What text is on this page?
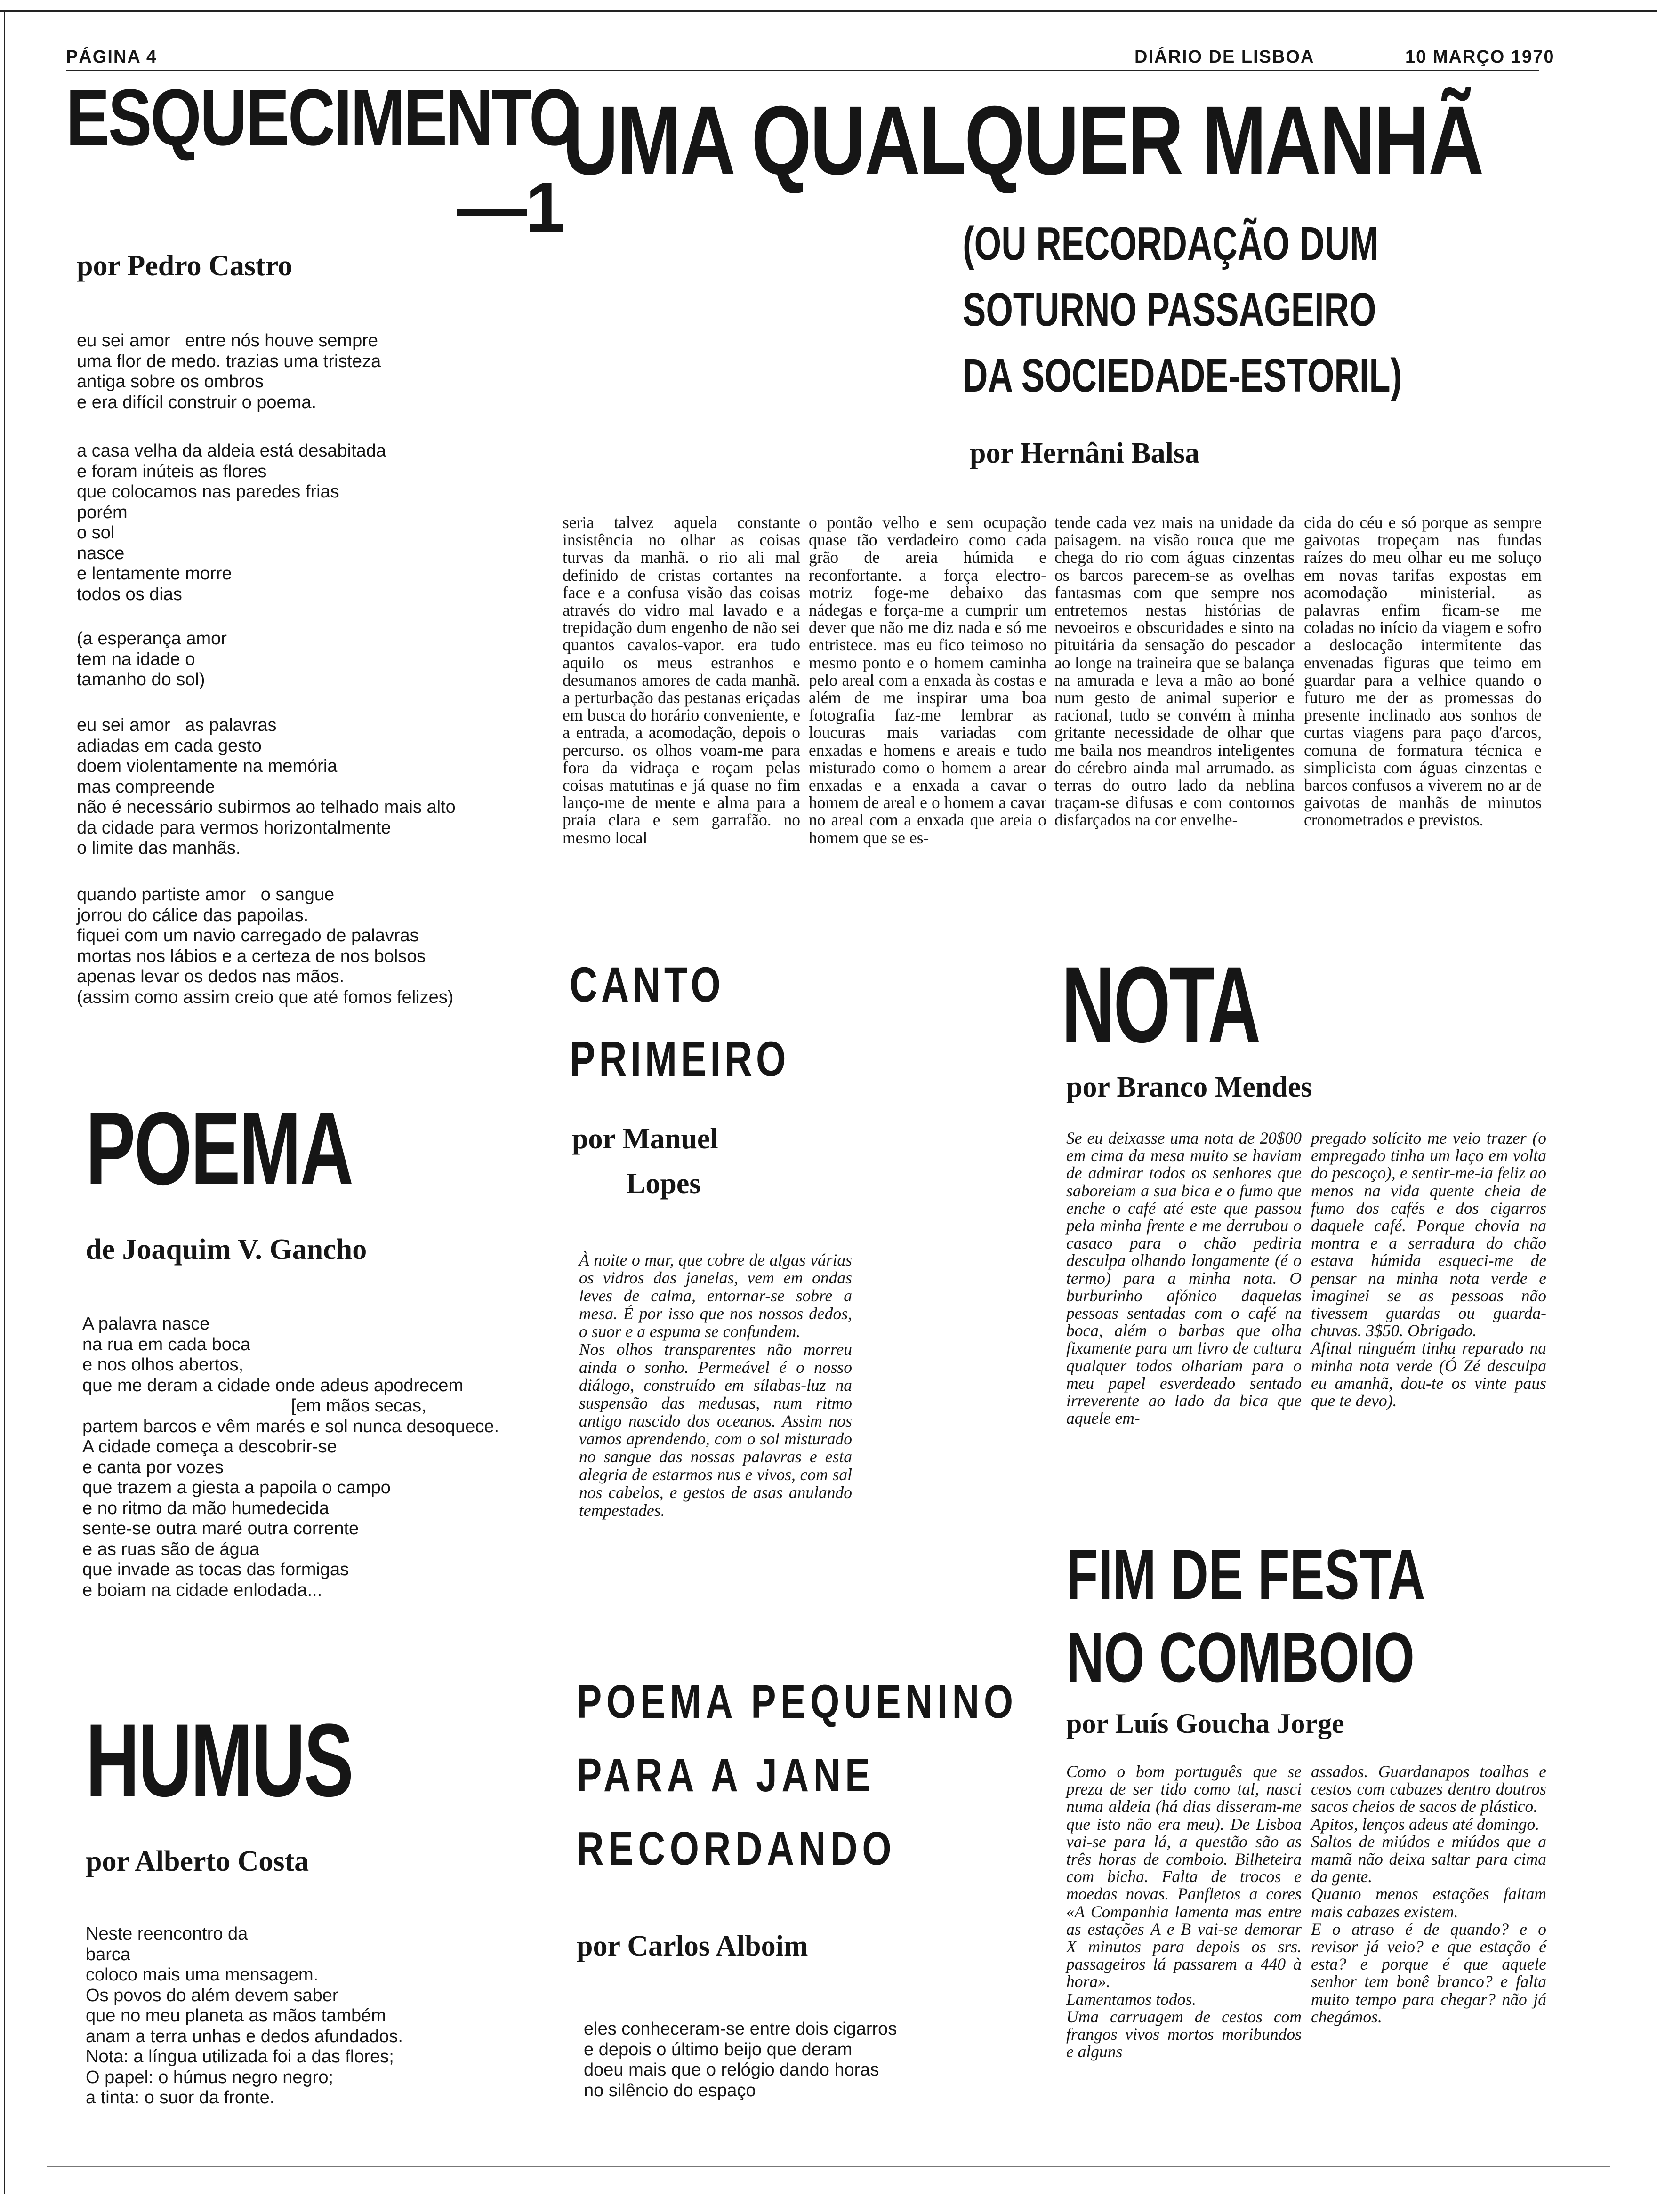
PÁGINA 4	DIÁRIO DE LISBOA	10 MARÇO 1970
ESQUECIMENTO
—1
por Pedro Castro
eu sei amor   entre nós houve sempre
uma flor de medo. trazias uma tristeza
antiga sobre os ombros
e era difícil construir o poema.
a casa velha da aldeia está desabitada
e foram inúteis as flores
que colocamos nas paredes frias
porém
o sol
nasce
e lentamente morre
todos os dias
(a esperança amor
tem na idade o
tamanho do sol)
eu sei amor   as palavras
adiadas em cada gesto
doem violentamente na memória
mas compreende
não é necessário subirmos ao telhado mais alto
da cidade para vermos horizontalmente
o limite das manhãs.
quando partiste amor   o sangue
jorrou do cálice das papoilas.
fiquei com um navio carregado de palavras
mortas nos lábios e a certeza de nos bolsos
apenas levar os dedos nas mãos.
(assim como assim creio que até fomos felizes)
UMA QUALQUER MANHÃ
(OU RECORDAÇÃO DUM
SOTURNO PASSAGEIRO
DA SOCIEDADE-ESTORIL)
por Hernâni Balsa

seria talvez aquela constante insistência no olhar as coisas turvas da manhã. o rio ali mal definido de cristas cortantes na face e a confusa visão das coisas através do vidro mal lavado e a trepidação dum engenho de não sei quantos cavalos-vapor. era tudo aquilo os meus estranhos e desumanos amores de cada manhã. a perturbação das pestanas eriçadas em busca do horário conveniente, e a entrada, a acomodação, depois o percurso. os olhos voam-me para fora da vidraça e roçam pelas coisas matutinas e já quase no fim lanço-me de mente e alma para a praia clara e sem garrafão. no mesmo local

o pontão velho e sem ocupação quase tão verdadeiro como cada grão de areia húmida e reconfortante. a força electro-motriz foge-me debaixo das nádegas e força-me a cumprir um dever que não me diz nada e só me entristece. mas eu fico teimoso no mesmo ponto e o homem caminha pelo areal com a enxada às costas e além de me inspirar uma boa fotografia faz-me lembrar as loucuras mais variadas com enxadas e homens e areais e tudo misturado como o homem a arear enxadas e a enxada a cavar o homem de areal e o homem a cavar no areal com a enxada que areia o homem que se es-

tende cada vez mais na unidade da paisagem. na visão rouca que me chega do rio com águas cinzentas os barcos parecem-se as ovelhas fantasmas com que sempre nos entretemos nestas histórias de nevoeiros e obscuridades e sinto na pituitária da sensação do pescador ao longe na traineira que se balança na amurada e leva a mão ao boné num gesto de animal superior e racional, tudo se convém à minha gritante necessidade de olhar que me baila nos meandros inteligentes do cérebro ainda mal arrumado. as terras do outro lado da neblina traçam-se difusas e com contornos disfarçados na cor envelhe-

cida do céu e só porque as sempre gaivotas tropeçam nas fundas raízes do meu olhar eu me soluço em novas tarifas expostas em acomodação ministerial. as palavras enfim ficam-se me coladas no início da viagem e sofro a deslocação intermitente das envenadas figuras que teimo em guardar para a velhice quando o futuro me der as promessas do presente inclinado aos sonhos de curtas viagens para paço d'arcos, comuna de formatura técnica e simplicista com águas cinzentas e barcos confusos a viverem no ar de gaivotas de manhãs de minutos cronometrados e previstos.

POEMA
de Joaquim V. Gancho
A palavra nasce
na rua em cada boca
e nos olhos abertos,
que me deram a cidade onde adeus apodrecem
[em mãos secas,
partem barcos e vêm marés e sol nunca desoquece.
A cidade começa a descobrir-se
e canta por vozes
que trazem a giesta a papoila o campo
e no ritmo da mão humedecida
sente-se outra maré outra corrente
e as ruas são de água
que invade as tocas das formigas
e boiam na cidade enlodada...
HUMUS
por Alberto Costa
Neste reencontro da
barca
coloco mais uma mensagem.
Os povos do além devem saber
que no meu planeta as mãos também
anam a terra unhas e dedos afundados.
Nota: a língua utilizada foi a das flores;
O papel: o húmus negro negro;
a tinta: o suor da fronte.
CANTO
PRIMEIRO
por Manuel
Lopes

À noite o mar, que cobre de algas várias os vidros das janelas, vem em ondas leves de calma, entornar-se sobre a mesa. É por isso que nos nossos dedos, o suor e a espuma se confundem.
Nos olhos transparentes não morreu ainda o sonho. Permeável é o nosso diálogo, construído em sílabas-luz na suspensão das medusas, num ritmo antigo nascido dos oceanos. Assim nos vamos aprendendo, com o sol misturado no sangue das nossas palavras e esta alegria de estarmos nus e vivos, com sal nos cabelos, e gestos de asas anulando tempestades.

POEMA PEQUENINO
PARA A JANE
RECORDANDO
por Carlos Alboim
eles conheceram-se entre dois cigarros
e depois o último beijo que deram
doeu mais que o relógio dando horas
no silêncio do espaço
NOTA
por Branco Mendes

Se eu deixasse uma nota de 20$00 em cima da mesa muito se haviam de admirar todos os senhores que saboreiam a sua bica e o fumo que enche o café até este que passou pela minha frente e me derrubou o casaco para o chão pediria desculpa olhando longamente (é o termo) para a minha nota. O burburinho afónico daquelas pessoas sentadas com o café na boca, além o barbas que olha fixamente para um livro de cultura qualquer todos olhariam para o meu papel esverdeado sentado irreverente ao lado da bica que aquele em-

pregado solícito me veio trazer (o empregado tinha um laço em volta do pescoço), e sentir-me-ia feliz ao menos na vida quente cheia de fumo dos cafés e dos cigarros daquele café. Porque chovia na montra e a serradura do chão estava húmida esqueci-me de pensar na minha nota verde e imaginei se as pessoas não tivessem guardas ou guarda-chuvas. 3$50. Obrigado.
Afinal ninguém tinha reparado na minha nota verde (Ó Zé desculpa eu amanhã, dou-te os vinte paus que te devo).

FIM DE FESTA
NO COMBOIO
por Luís Goucha Jorge

Como o bom português que se preza de ser tido como tal, nasci numa aldeia (há dias disseram-me que isto não era meu). De Lisboa vai-se para lá, a questão são as três horas de comboio. Bilheteira com bicha. Falta de trocos e moedas novas. Panfletos a cores «A Companhia lamenta mas entre as estações A e B vai-se demorar X minutos para depois os srs. passageiros lá passarem a 440 à hora».
Lamentamos todos.
Uma carruagem de cestos com frangos vivos mortos moribundos e alguns

assados. Guardanapos toalhas e cestos com cabazes dentro doutros sacos cheios de sacos de plástico.
Apitos, lenços adeus até domingo.
Saltos de miúdos e miúdos que a mamã não deixa saltar para cima da gente.
Quanto menos estações faltam mais cabazes existem.
E o atraso é de quando? e o revisor já veio? e que estação é esta? e porque é que aquele senhor tem bonê branco? e falta muito tempo para chegar? não já chegámos.
